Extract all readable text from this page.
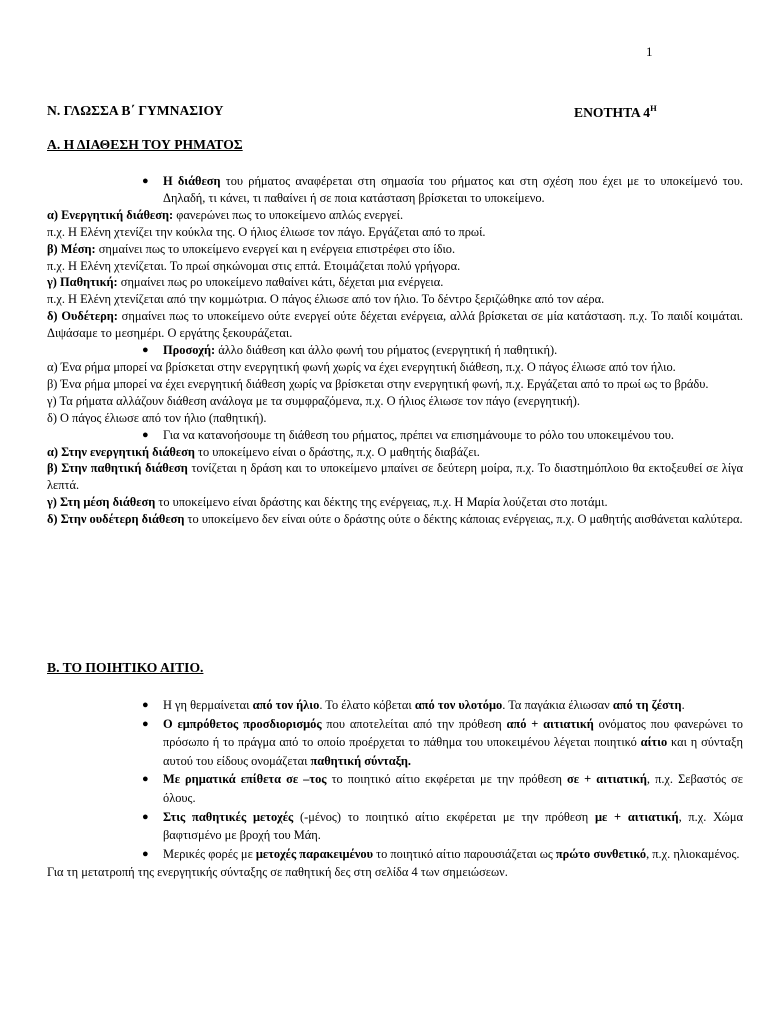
1
Ν. ΓΛΩΣΣΑ Β΄ ΓΥΜΝΑΣΙΟΥ	ΕΝΟΤΗΤΑ $4^H$
Α. Η ΔΙΑΘΕΣΗ ΤΟΥ ΡΗΜΑΤΟΣ

● Η διάθεση του ρήματος αναφέρεται στη σημασία του ρήματος και στη σχέση που έχει με το υποκείμενό του. Δηλαδή, τι κάνει, τι παθαίνει ή σε ποια κατάσταση βρίσκεται το υποκείμενο.

α) Ενεργητική διάθεση: φανερώνει πως το υποκείμενο απλώς ενεργεί.

π.χ. Η Ελένη χτενίζει την κούκλα της. Ο ήλιος έλιωσε τον πάγο. Εργάζεται από το πρωί.

β) Μέση: σημαίνει πως το υποκείμενο ενεργεί και η ενέργεια επιστρέφει στο ίδιο.

π.χ. Η Ελένη χτενίζεται. Το πρωί σηκώνομαι στις επτά. Ετοιμάζεται πολύ γρήγορα.

γ) Παθητική: σημαίνει πως ρο υποκείμενο παθαίνει κάτι, δέχεται μια ενέργεια.

π.χ. Η Ελένη χτενίζεται από την κομμώτρια. Ο πάγος έλιωσε από τον ήλιο. Το δέντρο ξεριζώθηκε από τον αέρα.

δ) Ουδέτερη: σημαίνει πως το υποκείμενο ούτε ενεργεί ούτε δέχεται ενέργεια, αλλά βρίσκεται σε μία κατάσταση. π.χ. Το παιδί κοιμάται. Διψάσαμε το μεσημέρι. Ο εργάτης ξεκουράζεται.

● Προσοχή: άλλο διάθεση και άλλο φωνή του ρήματος (ενεργητική ή παθητική).

α) Ένα ρήμα μπορεί να βρίσκεται στην ενεργητική φωνή χωρίς να έχει ενεργητική διάθεση, π.χ. Ο πάγος έλιωσε από τον ήλιο.

β) Ένα ρήμα μπορεί να έχει ενεργητική διάθεση χωρίς να βρίσκεται στην ενεργητική φωνή, π.χ. Εργάζεται από το πρωί ως το βράδυ.

γ) Τα ρήματα αλλάζουν διάθεση ανάλογα με τα συμφραζόμενα, π.χ. Ο ήλιος έλιωσε τον πάγο (ενεργητική).

δ) Ο πάγος έλιωσε από τον ήλιο (παθητική).

● Για να κατανοήσουμε τη διάθεση του ρήματος, πρέπει να επισημάνουμε το ρόλο του υποκειμένου του.

α) Στην ενεργητική διάθεση το υποκείμενο είναι ο δράστης, π.χ. Ο μαθητής διαβάζει.

β) Στην παθητική διάθεση τονίζεται η δράση και το υποκείμενο μπαίνει σε δεύτερη μοίρα, π.χ. Το διαστημόπλοιο θα εκτοξευθεί σε λίγα λεπτά.

γ) Στη μέση διάθεση το υποκείμενο είναι δράστης και δέκτης της ενέργειας, π.χ. Η Μαρία λούζεται στο ποτάμι.

δ) Στην ουδέτερη διάθεση το υποκείμενο δεν είναι ούτε ο δράστης ούτε ο δέκτης κάποιας ενέργειας, π.χ. Ο μαθητής αισθάνεται καλύτερα.

Β. ΤΟ ΠΟΙΗΤΙΚΟ ΑΙΤΙΟ.

● Η γη θερμαίνεται από τον ήλιο. Το έλατο κόβεται από τον υλοτόμο. Τα παγάκια έλιωσαν από τη ζέστη.

● Ο εμπρόθετος προσδιορισμός που αποτελείται από την πρόθεση από + αιτιατική ονόματος που φανερώνει το πρόσωπο ή το πράγμα από το οποίο προέρχεται το πάθημα του υποκειμένου λέγεται ποιητικό αίτιο και η σύνταξη αυτού του είδους ονομάζεται παθητική σύνταξη.

● Με ρηματικά επίθετα σε –τος το ποιητικό αίτιο εκφέρεται με την πρόθεση σε + αιτιατική, π.χ. Σεβαστός σε όλους.

● Στις παθητικές μετοχές (-μένος) το ποιητικό αίτιο εκφέρεται με την πρόθεση με + αιτιατική, π.χ. Χώμα βαφτισμένο με βροχή του Μάη.

● Μερικές φορές με μετοχές παρακειμένου το ποιητικό αίτιο παρουσιάζεται ως πρώτο συνθετικό, π.χ. ηλιοκαμένος.

Για τη μετατροπή της ενεργητικής σύνταξης σε παθητική δες στη σελίδα 4 των σημειώσεων.
